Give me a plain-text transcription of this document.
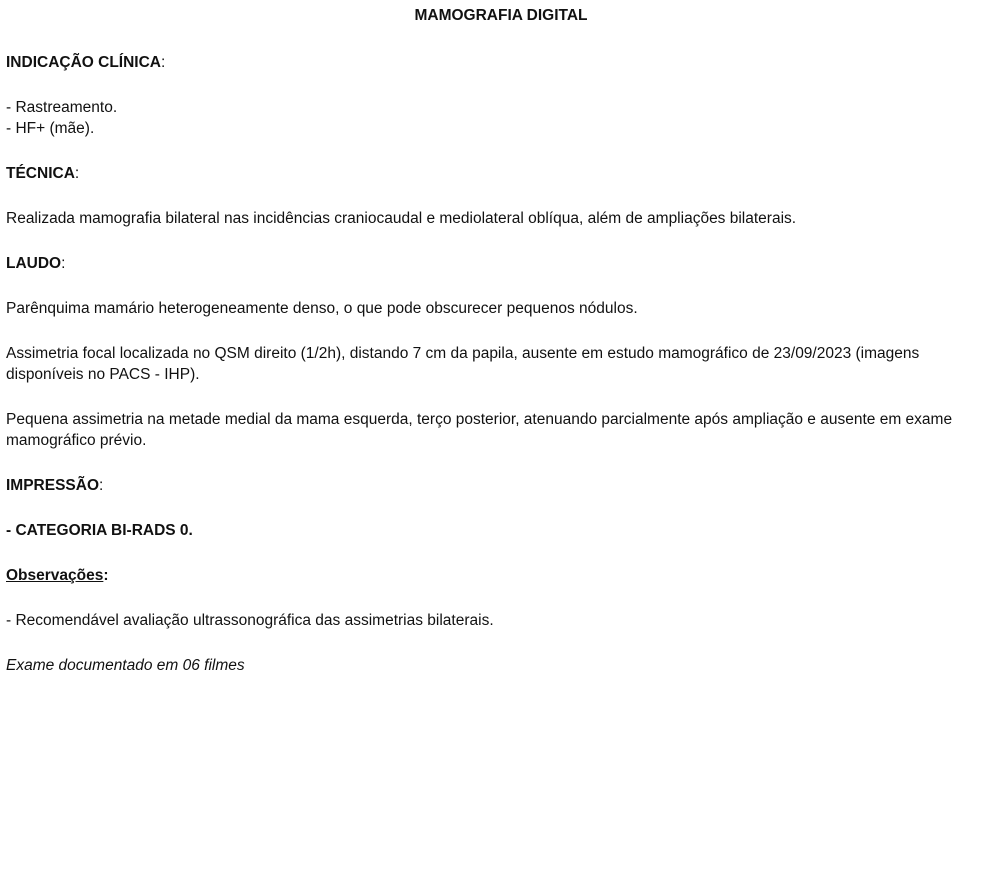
MAMOGRAFIA DIGITAL
INDICAÇÃO CLÍNICA:
- Rastreamento.
- HF+ (mãe).
TÉCNICA:

Realizada mamografia bilateral nas incidências craniocaudal e mediolateral oblíqua, além de ampliações bilaterais.

LAUDO:

Parênquima mamário heterogeneamente denso, o que pode obscurecer pequenos nódulos.

Assimetria focal localizada no QSM direito (1/2h), distando 7 cm da papila, ausente em estudo mamográfico de 23/09/2023 (imagens disponíveis no PACS - IHP).

Pequena assimetria na metade medial da mama esquerda, terço posterior, atenuando parcialmente após ampliação e ausente em exame mamográfico prévio.

IMPRESSÃO:

- CATEGORIA BI-RADS 0.

Observações:

- Recomendável avaliação ultrassonográfica das assimetrias bilaterais.

Exame documentado em 06 filmes
